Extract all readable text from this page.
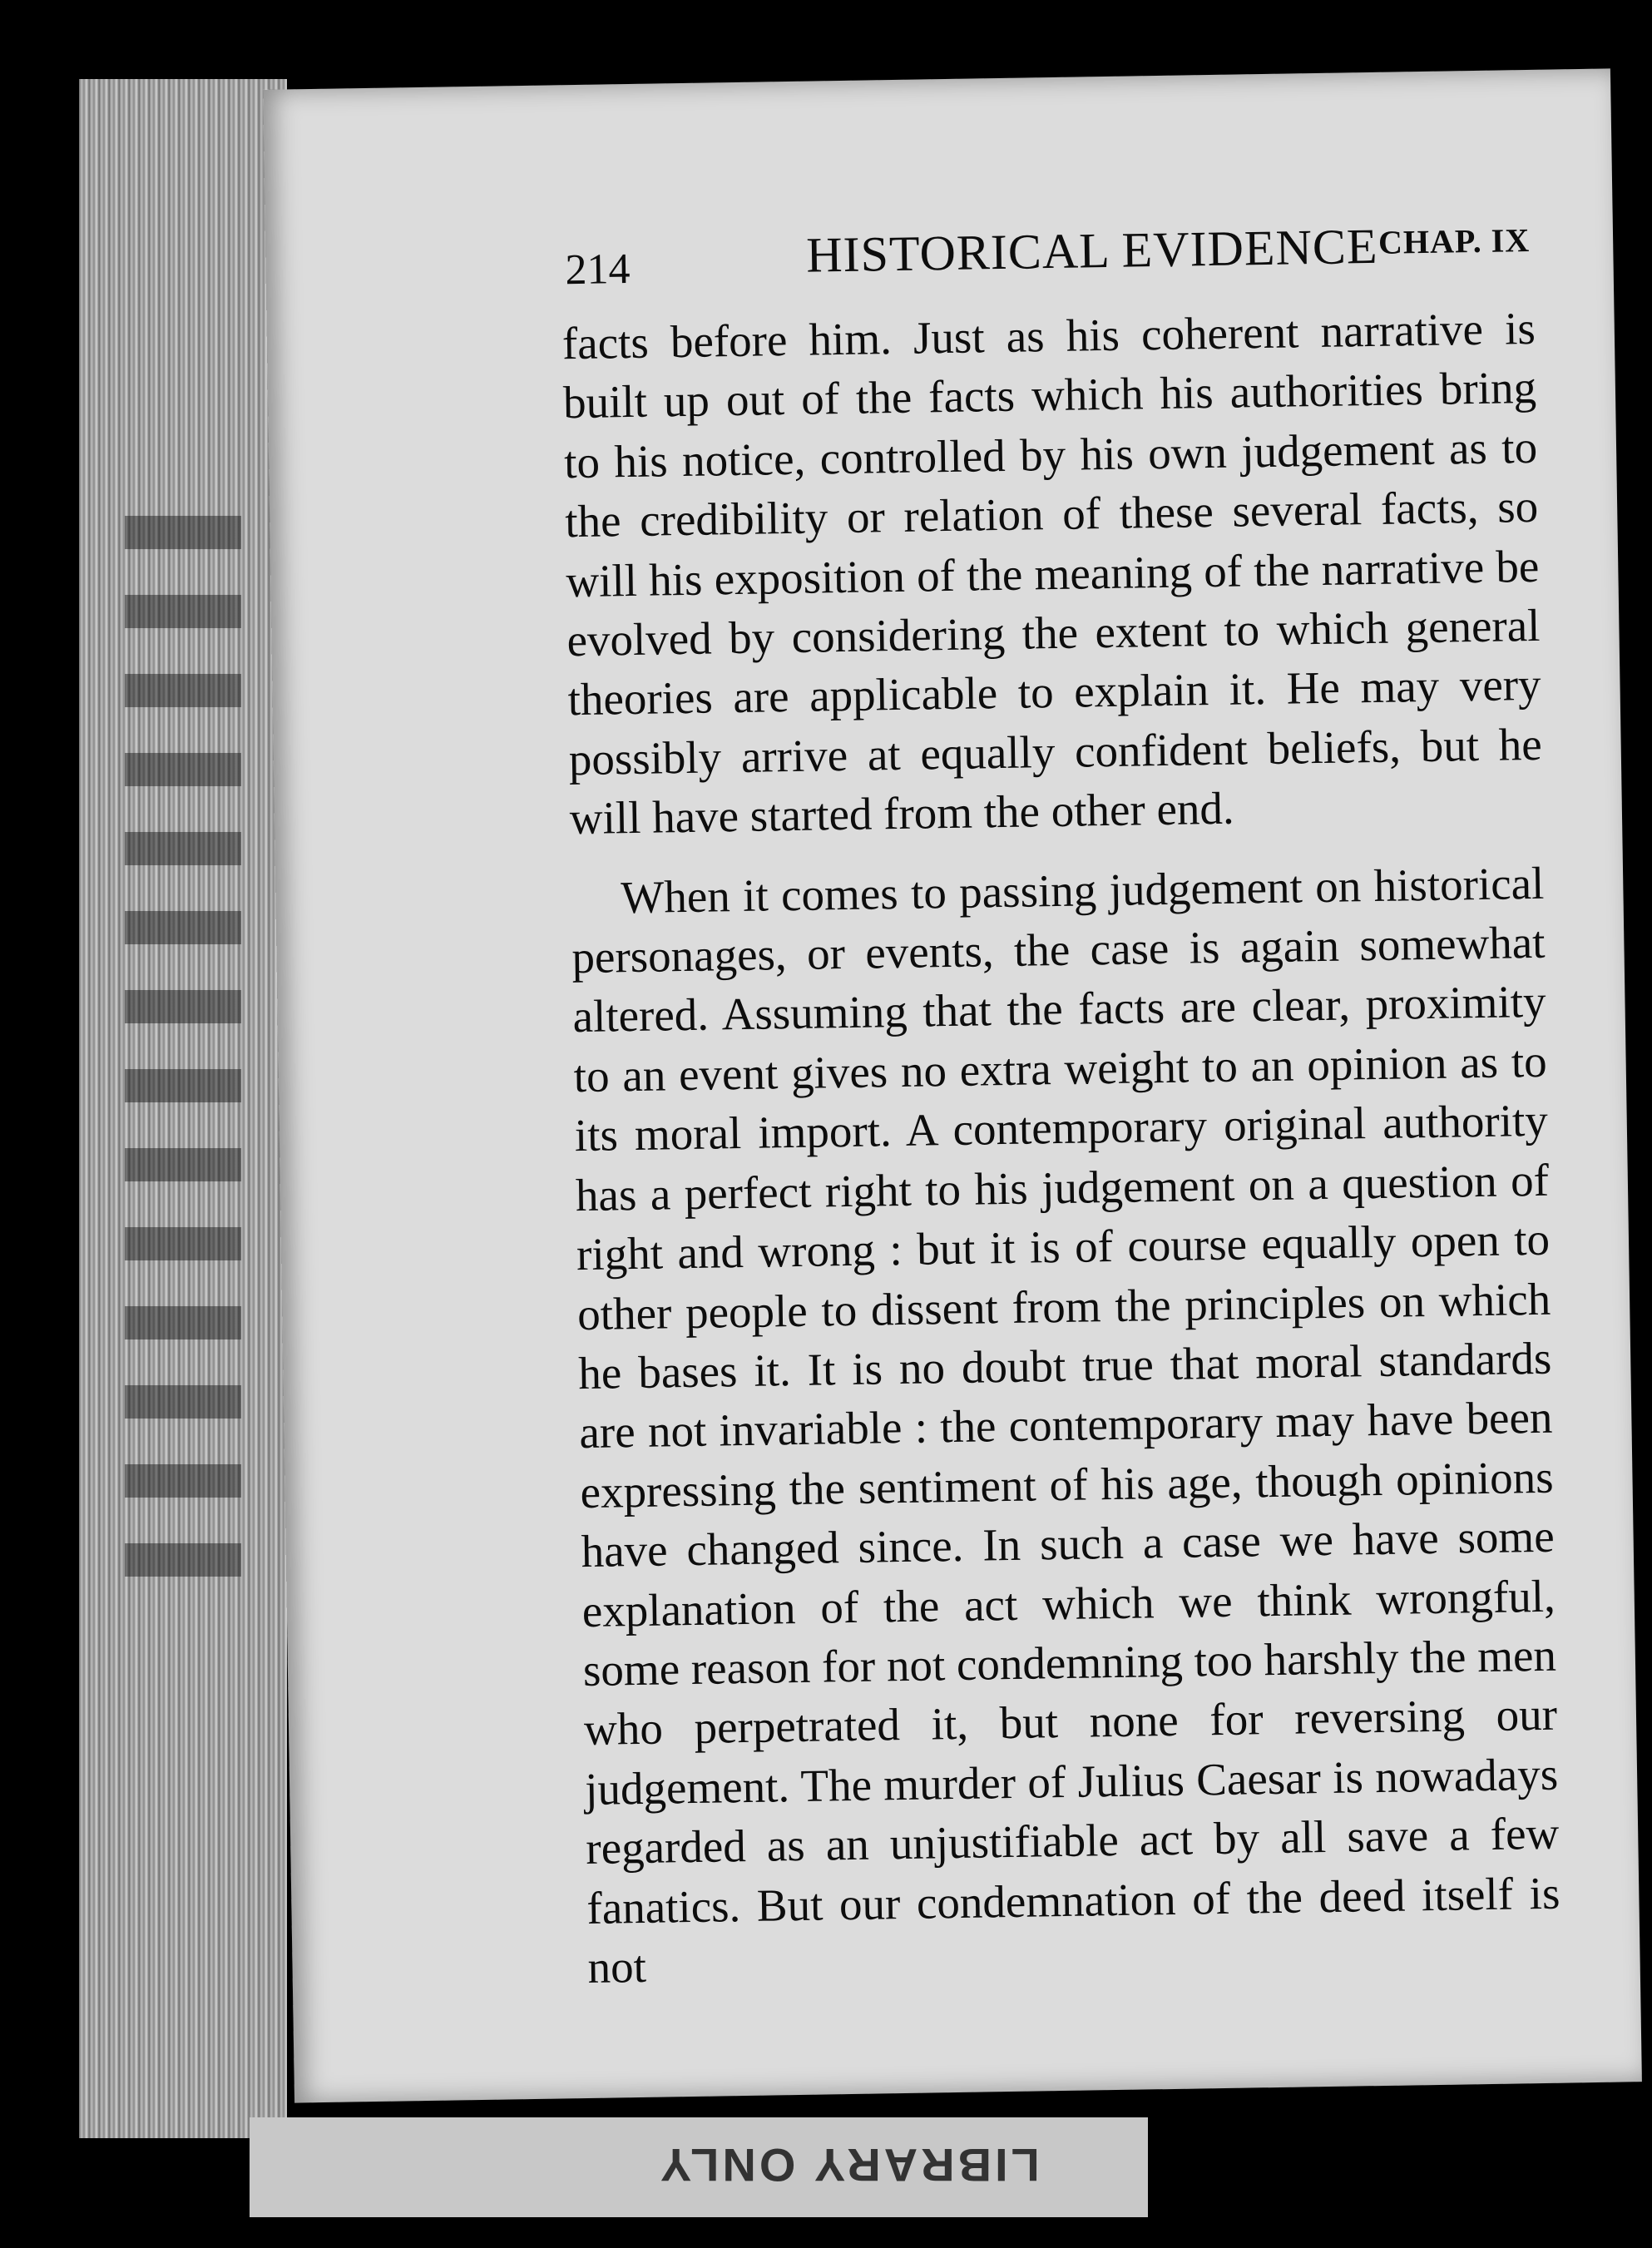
214	HISTORICAL EVIDENCE CHAP. IX

facts before him. Just as his coherent narrative is built up out of the facts which his authorities bring to his notice, controlled by his own judgement as to the credibility or relation of these several facts, so will his exposition of the meaning of the narrative be evolved by considering the extent to which general theories are applicable to explain it. He may very possibly arrive at equally confident beliefs, but he will have started from the other end.

When it comes to passing judgement on historical personages, or events, the case is again somewhat altered. Assuming that the facts are clear, proximity to an event gives no extra weight to an opinion as to its moral import. A contemporary original authority has a perfect right to his judgement on a question of right and wrong : but it is of course equally open to other people to dissent from the principles on which he bases it. It is no doubt true that moral standards are not invariable : the contemporary may have been expressing the sentiment of his age, though opinions have changed since. In such a case we have some explanation of the act which we think wrongful, some reason for not condemning too harshly the men who perpetrated it, but none for reversing our judgement. The murder of Julius Caesar is nowadays regarded as an unjustifiable act by all save a few fanatics. But our condemnation of the deed itself is not

LIBRARY ONLY
